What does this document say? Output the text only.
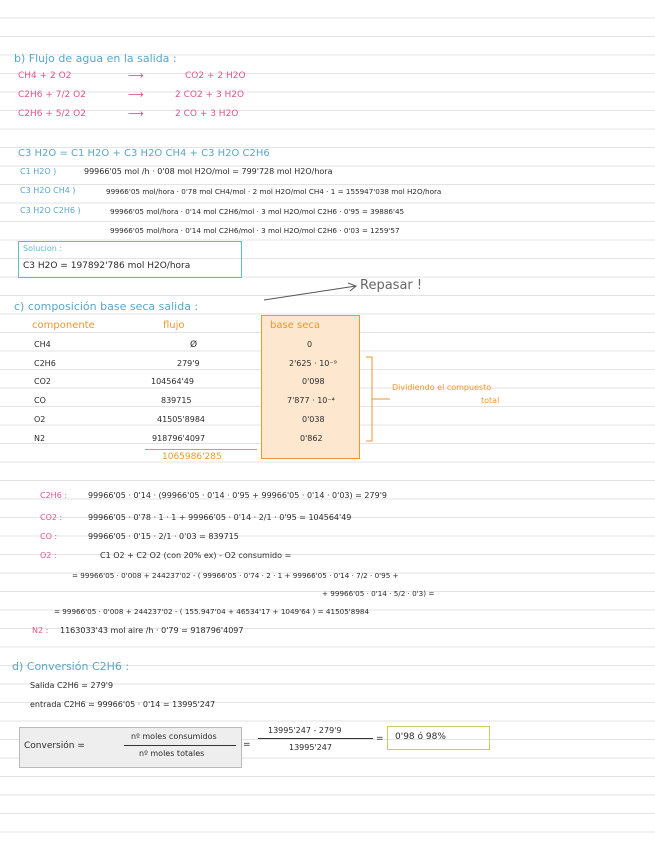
b) Flujo de agua en la salida :
CH4 + 2 O2	⟶	CO2 + 2 H2O
C2H6 + 7/2 O2	⟶	2 CO2 + 3 H2O
C2H6 + 5/2 O2	⟶	2 CO + 3 H2O
C3 H2O = C1 H2O + C3 H2O CH4 + C3 H2O C2H6
C1 H2O )	99966'05 mol /h · 0'08 mol H2O/mol = 799'728 mol H2O/hora
C3 H2O CH4 )	99966'05 mol/hora · 0'78 mol CH4/mol · 2 mol H2O/mol CH4 · 1 = 155947'038 mol H2O/hora
C3 H2O C2H6 )	99966'05 mol/hora · 0'14 mol C2H6/mol · 3 mol H2O/mol C2H6 · 0'95 = 39886'45
99966'05 mol/hora · 0'14 mol C2H6/mol · 3 mol H2O/mol C2H6 · 0'03 = 1259'57
Solucion :
C3 H2O = 197892'786 mol H2O/hora
Repasar !
c) composición base seca salida :
componente	flujo	base seca
CH4	Ø	0
C2H6	279'9	2'625 · 10⁻⁹
CO2	104564'49	0'098
CO	839715	7'877 · 10⁻⁴
O2	41505'8984	0'038
N2	918796'4097	0'862
1065986'285
Dividiendo el compuesto
total
C2H6 :	99966'05 · 0'14 · (99966'05 · 0'14 · 0'95 + 99966'05 · 0'14 · 0'03) = 279'9
CO2 :	99966'05 · 0'78 · 1 · 1 + 99966'05 · 0'14 · 2/1 · 0'95 = 104564'49
CO :	99966'05 · 0'15 · 2/1 · 0'03 = 839715
O2 :	C1 O2 + C2 O2 (con 20% ex) - O2 consumido =
= 99966'05 · 0'008 + 244237'02 - ( 99966'05 · 0'74 · 2 · 1 + 99966'05 · 0'14 · 7/2 · 0'95 +
+ 99966'05 · 0'14 · 5/2 · 0'3) =
= 99966'05 · 0'008 + 244237'02 - ( 155.947'04 + 46534'17 + 1049'64 ) = 41505'8984
N2 : 1163033'43 mol aire /h · 0'79 = 918796'4097
d) Conversión C2H6 :
Salida C2H6 = 279'9
entrada C2H6 = 99966'05 · 0'14 = 13995'247
Conversión =
nº moles consumidos
nº moles totales
=
13995'247 - 279'9
13995'247
= 0'98 ó 98%
